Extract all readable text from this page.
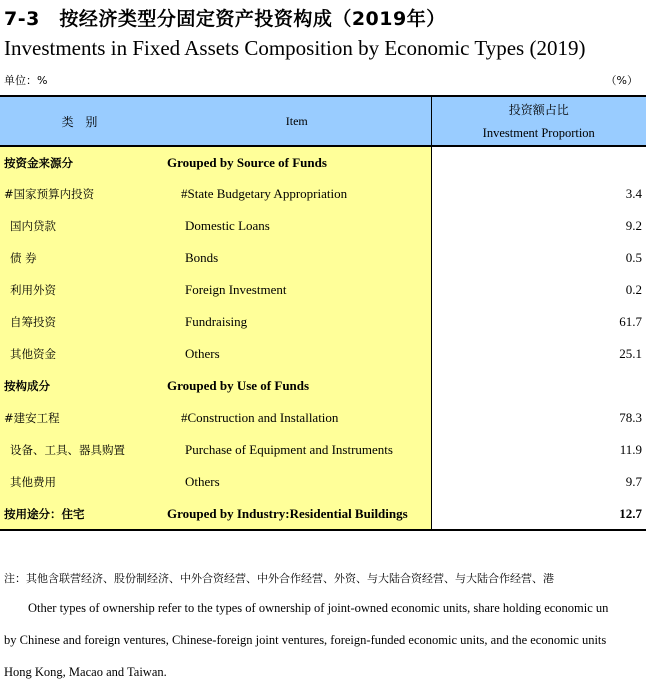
7-3　按经济类型分固定资产投资构成（2019年）
Investments in Fixed Assets Composition by Economic Types (2019)
单位：%	（%）
类 别	Item	投资额占比
Investment Proportion

按资金来源分	Grouped by Source of Funds	
#国家预算内投资	#State Budgetary Appropriation	3.4
国内贷款	Domestic Loans	9.2
债 券	Bonds	0.5
利用外资	Foreign Investment	0.2
自筹投资	Fundraising	61.7
其他资金	Others	25.1
按构成分	Grouped by Use of Funds	
#建安工程	#Construction and Installation	78.3
设备、工具、器具购置	Purchase of Equipment and Instruments	11.9
其他费用	Others	9.7
按用途分：住宅	Grouped by Industry:Residential Buildings	12.7
注：其他含联营经济、股份制经济、中外合资经营、中外合作经营、外资、与大陆合资经营、与大陆合作经营、港
Other types of ownership refer to the types of ownership of joint-owned economic units, share holding economic un
by Chinese and foreign ventures, Chinese-foreign joint ventures, foreign-funded economic units, and the economic units
Hong Kong, Macao and Taiwan.
